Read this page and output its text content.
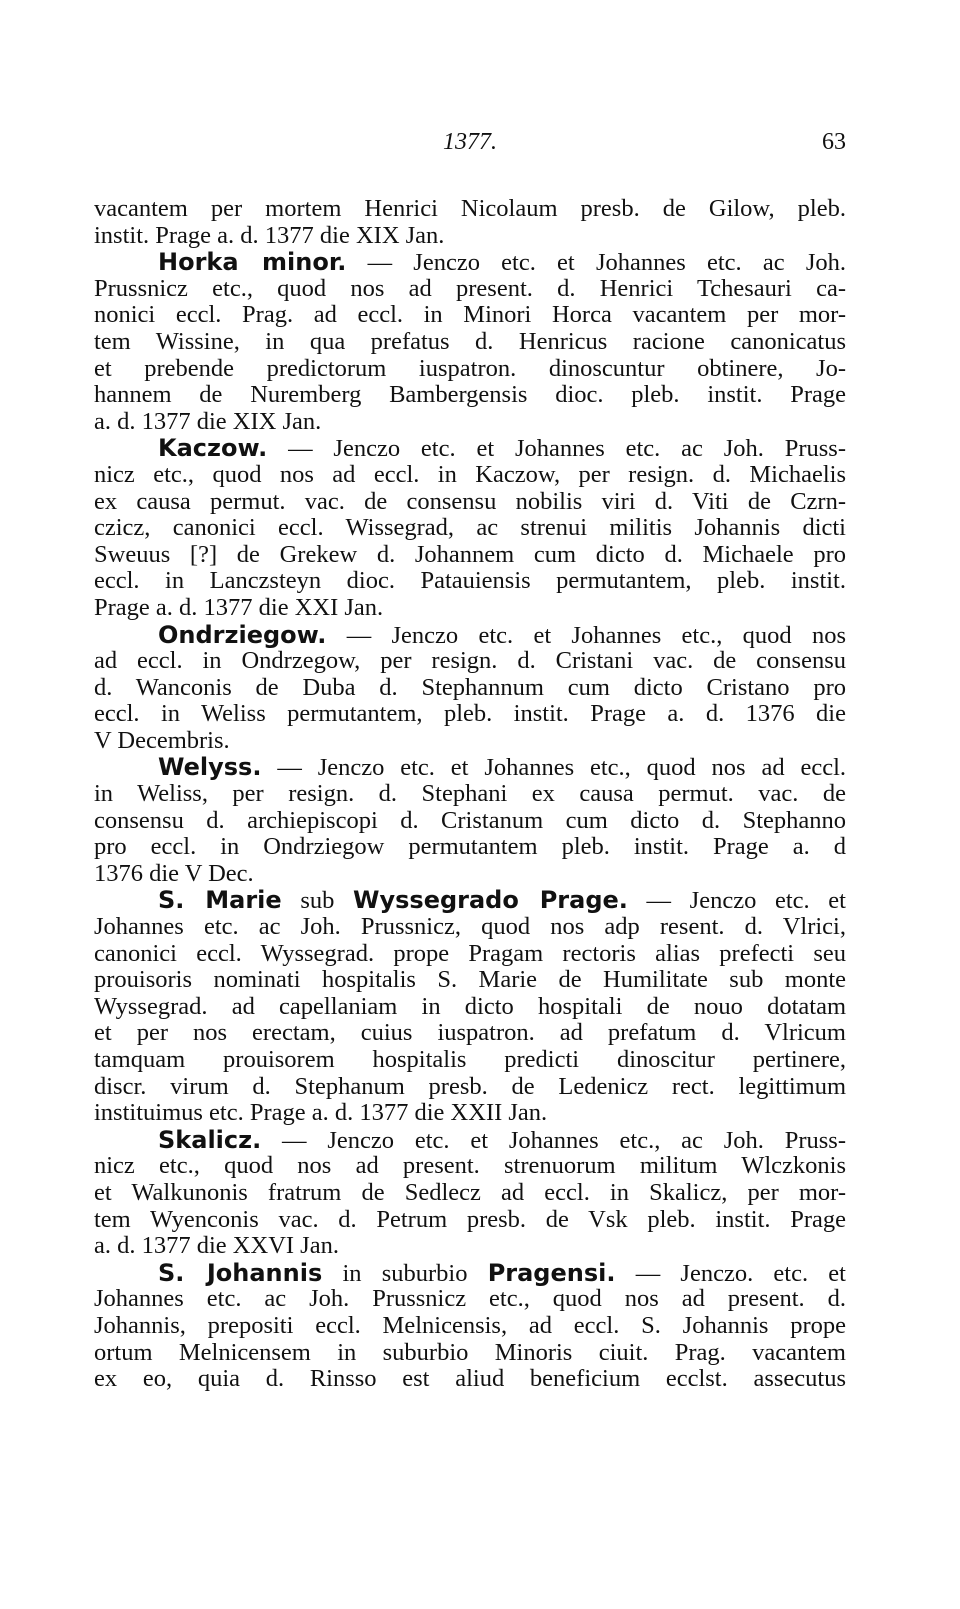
1377.	63
vacantem per mortem Henrici Nicolaum presb. de Gilow, pleb.
instit. Prage a. d. 1377 die XIX Jan.
Horka minor. — Jenczo etc. et Johannes etc. ac Joh.
Prussnicz etc., quod nos ad present. d. Henrici Tchesauri ca-
nonici eccl. Prag. ad eccl. in Minori Horca vacantem per mor-
tem Wissine, in qua prefatus d. Henricus racione canonicatus
et prebende predictorum iuspatron. dinoscuntur obtinere, Jo-
hannem de Nuremberg Bambergensis dioc. pleb. instit. Prage
a. d. 1377 die XIX Jan.
Kaczow. — Jenczo etc. et Johannes etc. ac Joh. Pruss-
nicz etc., quod nos ad eccl. in Kaczow, per resign. d. Michaelis
ex causa permut. vac. de consensu nobilis viri d. Viti de Czrn-
czicz, canonici eccl. Wissegrad, ac strenui militis Johannis dicti
Sweuus [?] de Grekew d. Johannem cum dicto d. Michaele pro
eccl. in Lanczsteyn dioc. Patauiensis permutantem, pleb. instit.
Prage a. d. 1377 die XXI Jan.
Ondrziegow. — Jenczo etc. et Johannes etc., quod nos
ad eccl. in Ondrzegow, per resign. d. Cristani vac. de consensu
d. Wanconis de Duba d. Stephannum cum dicto Cristano pro
eccl. in Weliss permutantem, pleb. instit. Prage a. d. 1376 die
V Decembris.
Welyss. — Jenczo etc. et Johannes etc., quod nos ad eccl.
in Weliss, per resign. d. Stephani ex causa permut. vac. de
consensu d. archiepiscopi d. Cristanum cum dicto d. Stephanno
pro eccl. in Ondrziegow permutantem pleb. instit. Prage a. d
1376 die V Dec.
S. Marie sub Wyssegrado Prage. — Jenczo etc. et
Johannes etc. ac Joh. Prussnicz, quod nos adp resent. d. Vlrici,
canonici eccl. Wyssegrad. prope Pragam rectoris alias prefecti seu
prouisoris nominati hospitalis S. Marie de Humilitate sub monte
Wyssegrad. ad capellaniam in dicto hospitali de nouo dotatam
et per nos erectam, cuius iuspatron. ad prefatum d. Vlricum
tamquam prouisorem hospitalis predicti dinoscitur pertinere,
discr. virum d. Stephanum presb. de Ledenicz rect. legittimum
instituimus etc. Prage a. d. 1377 die XXII Jan.
Skalicz. — Jenczo etc. et Johannes etc., ac Joh. Pruss-
nicz etc., quod nos ad present. strenuorum militum Wlczkonis
et Walkunonis fratrum de Sedlecz ad eccl. in Skalicz, per mor-
tem Wyenconis vac. d. Petrum presb. de Vsk pleb. instit. Prage
a. d. 1377 die XXVI Jan.
S. Johannis in suburbio Pragensi. — Jenczo. etc. et
Johannes etc. ac Joh. Prussnicz etc., quod nos ad present. d.
Johannis, prepositi eccl. Melnicensis, ad eccl. S. Johannis prope
ortum Melnicensem in suburbio Minoris ciuit. Prag. vacantem
ex eo, quia d. Rinsso est aliud beneficium ecclst. assecutus
